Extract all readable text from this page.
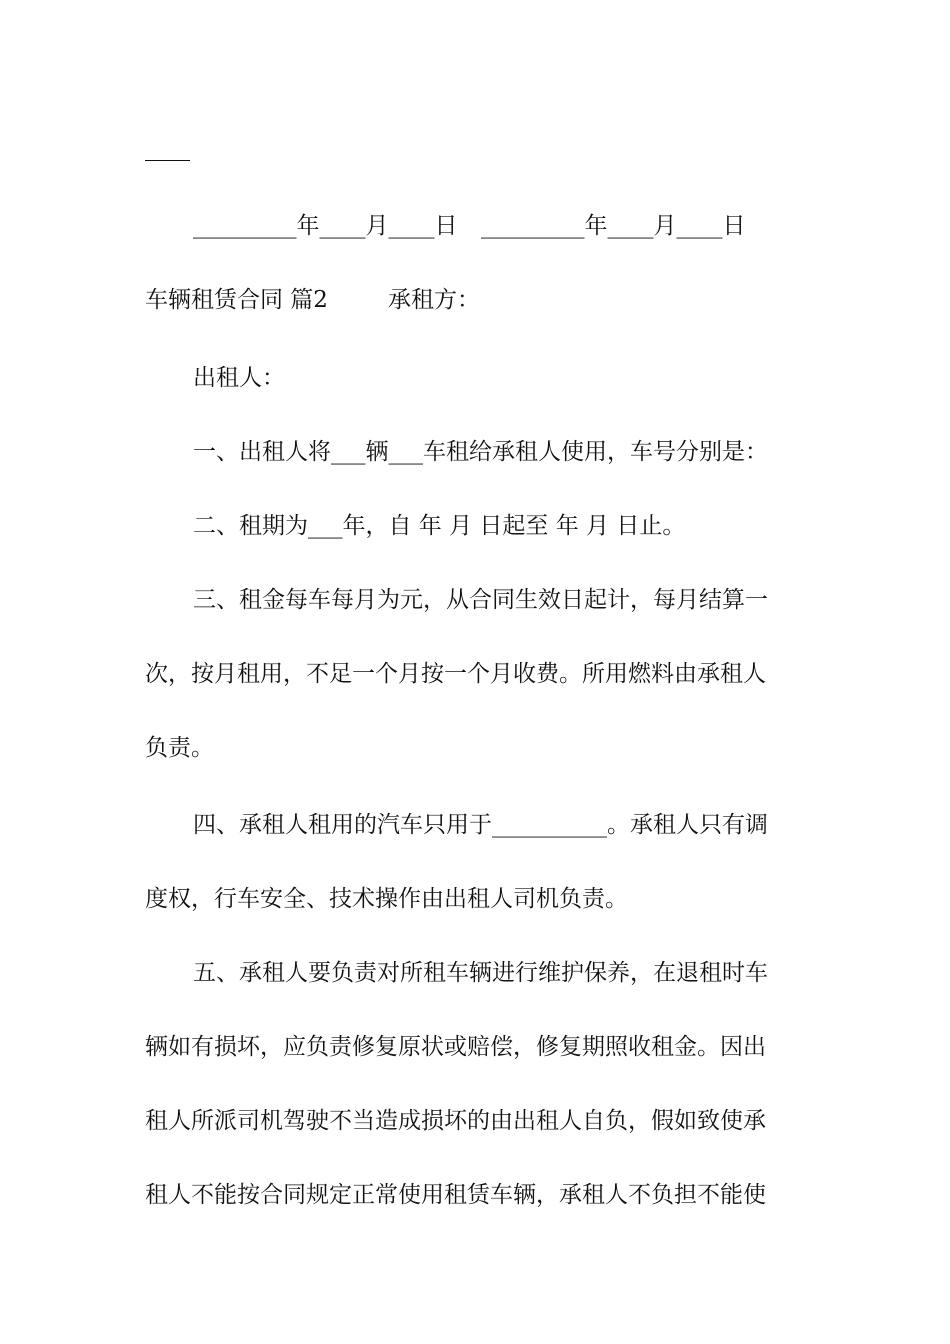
_________年____月____日 _________年____月____日
车辆租赁合同 篇2	承租方：
出租人：
一、出租人将___辆___车租给承租人使用，车号分别是：
二、租期为___年，自 年 月 日起至 年 月 日止。
三、租金每车每月为元，从合同生效日起计，每月结算一
次，按月租用，不足一个月按一个月收费。所用燃料由承租人
负责。
四、承租人租用的汽车只用于__________。承租人只有调
度权，行车安全、技术操作由出租人司机负责。
五、承租人要负责对所租车辆进行维护保养，在退租时车
辆如有损坏，应负责修复原状或赔偿，修复期照收租金。因出
租人所派司机驾驶不当造成损坏的由出租人自负，假如致使承
租人不能按合同规定正常使用租赁车辆，承租人不负担不能使
